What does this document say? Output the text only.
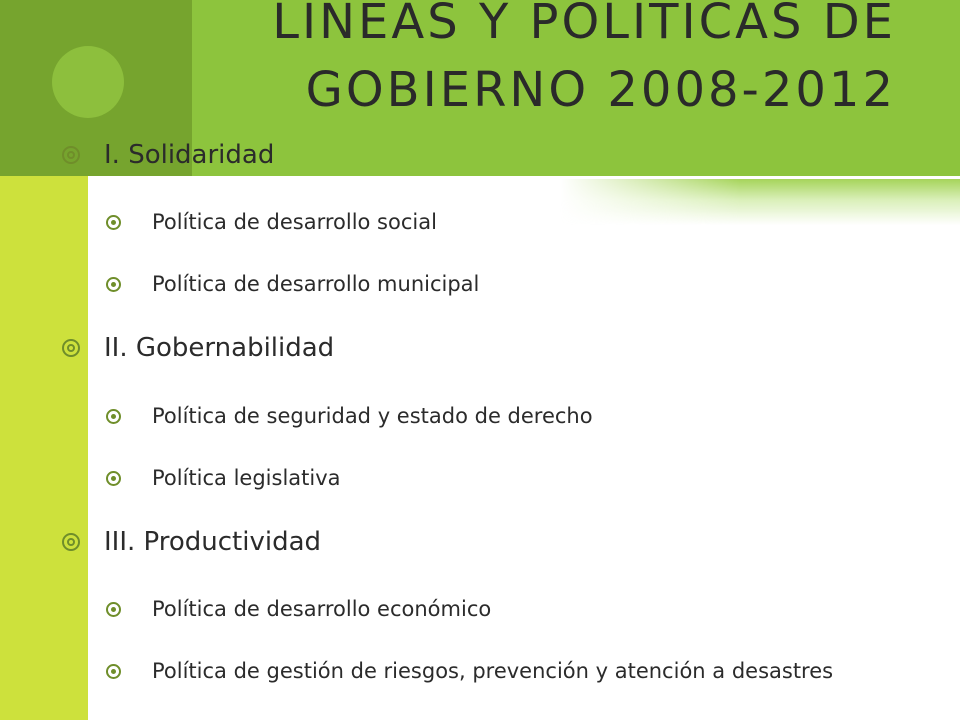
LINEAS Y POLITICAS DE GOBIERNO 2008-2012
I. Solidaridad
Política de desarrollo social
Política de desarrollo municipal
II. Gobernabilidad
Política de seguridad y estado de derecho
Política legislativa
III. Productividad
Política de desarrollo económico
Política de gestión de riesgos, prevención y atención a desastres
